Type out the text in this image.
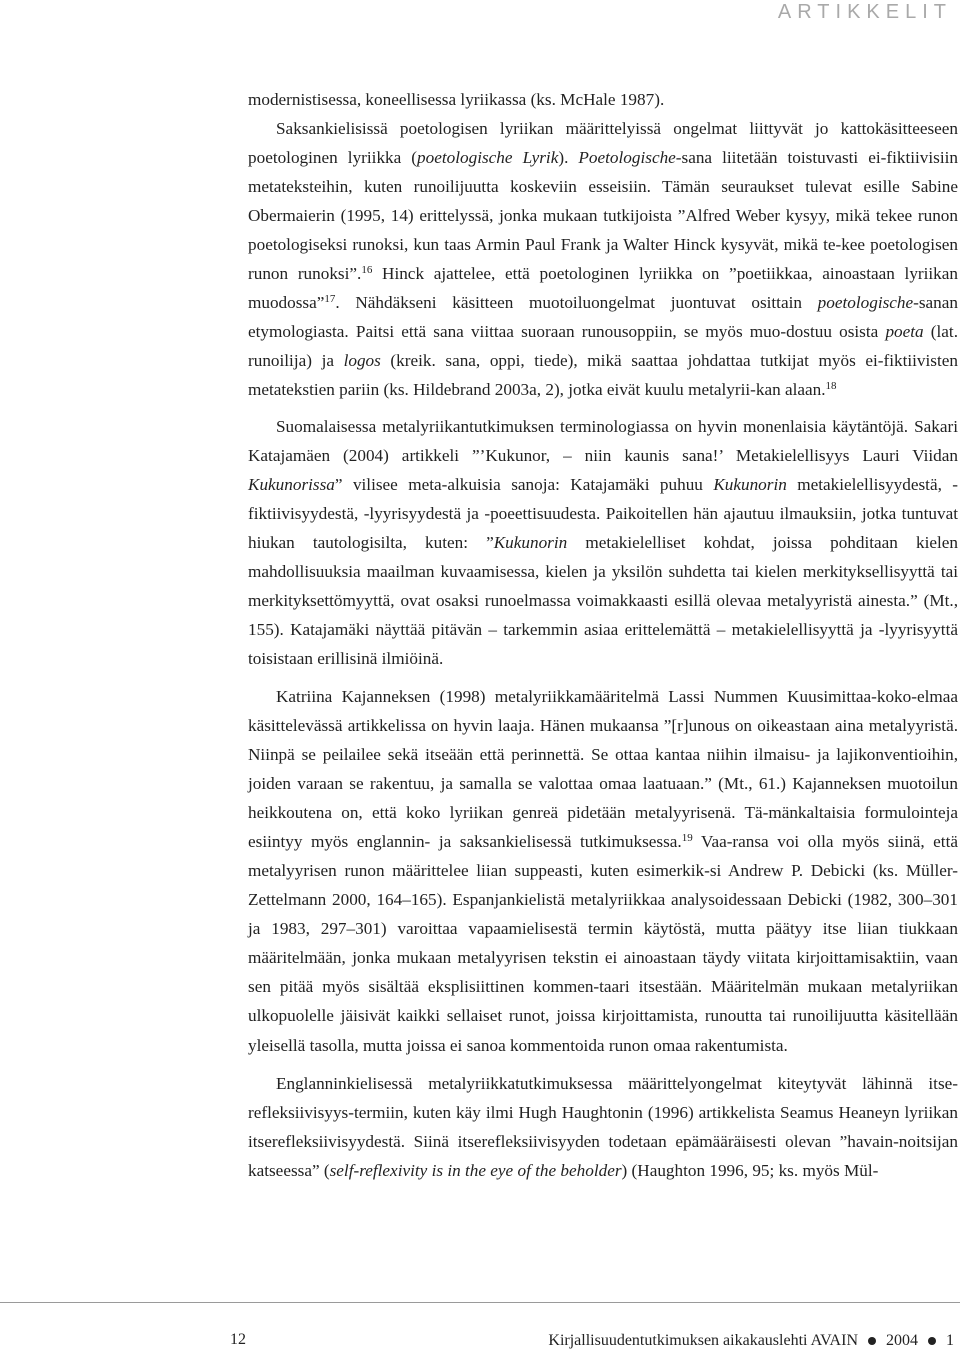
ARTIKKELIT

modernistisessa, koneellisessa lyriikassa (ks. McHale 1987).

Saksankielisissä poetologisen lyriikan määrittelyissä ongelmat liittyvät jo kattokäsitteeseen poetologinen lyriikka (poetologische Lyrik). Poetologische-sana liitetään toistuvasti ei-fiktiivisiin metateksteihin, kuten runoilijuutta koskeviin esseisiin. Tämän seuraukset tulevat esille Sabine Obermaierin (1995, 14) erittelyssä, jonka mukaan tutkijoista ”Alfred Weber kysyy, mikä tekee runon poetologiseksi runoksi, kun taas Armin Paul Frank ja Walter Hinck kysyvät, mikä te-kee poetologisen runon runoksi”.$^{16}$ Hinck ajattelee, että poetologinen lyriikka on ”poetiikkaa, ainoastaan lyriikan muodossa”$^{17}$. Nähdäkseni käsitteen muotoiluongelmat juontuvat osittain poetologische-sanan etymologiasta. Paitsi että sana viittaa suoraan runousoppiin, se myös muo-dostuu osista poeta (lat. runoilija) ja logos (kreik. sana, oppi, tiede), mikä saattaa johdattaa tutkijat myös ei-fiktiivisten metatekstien pariin (ks. Hildebrand 2003a, 2), jotka eivät kuulu metalyrii-kan alaan.$^{18}$

Suomalaisessa metalyriikantutkimuksen terminologiassa on hyvin monenlaisia käytäntöjä. Sakari Katajamäen (2004) artikkeli ”’Kukunor, – niin kaunis sana!’ Metakielellisyys Lauri Viidan Kukunorissa” vilisee meta-alkuisia sanoja: Katajamäki puhuu Kukunorin metakielellisyydestä, -fiktiivisyydestä, -lyyrisyydestä ja -poeettisuudesta. Paikoitellen hän ajautuu ilmauksiin, jotka tuntuvat hiukan tautologisilta, kuten: ”Kukunorin metakielelliset kohdat, joissa pohditaan kielen mahdollisuuksia maailman kuvaamisessa, kielen ja yksilön suhdetta tai kielen merkityksellisyyttä tai merkityksettömyyttä, ovat osaksi runoelmassa voimakkaasti esillä olevaa metalyyristä ainesta.” (Mt., 155). Katajamäki näyttää pitävän – tarkemmin asiaa erittelemättä – metakielellisyyttä ja -lyyrisyyttä toisistaan erillisinä ilmiöinä.

Katriina Kajanneksen (1998) metalyriikkamääritelmä Lassi Nummen Kuusimittaa-koko-elmaa käsittelevässä artikkelissa on hyvin laaja. Hänen mukaansa ”[r]unous on oikeastaan aina metalyyristä. Niinpä se peilailee sekä itseään että perinnettä. Se ottaa kantaa niihin ilmaisu- ja lajikonventioihin, joiden varaan se rakentuu, ja samalla se valottaa omaa laatuaan.” (Mt., 61.) Kajanneksen muotoilun heikkoutena on, että koko lyriikan genreä pidetään metalyyrisenä. Tä-mänkaltaisia formulointeja esiintyy myös englannin- ja saksankielisessä tutkimuksessa.$^{19}$ Vaa-ransa voi olla myös siinä, että metalyyrisen runon määrittelee liian suppeasti, kuten esimerkik-si Andrew P. Debicki (ks. Müller-Zettelmann 2000, 164–165). Espanjankielistä metalyriikkaa analysoidessaan Debicki (1982, 300–301 ja 1983, 297–301) varoittaa vapaamielisestä termin käytöstä, mutta päätyy itse liian tiukkaan määritelmään, jonka mukaan metalyyrisen tekstin ei ainoastaan täydy viitata kirjoittamisaktiin, vaan sen pitää myös sisältää eksplisiittinen kommen-taari itsestään. Määritelmän mukaan metalyriikan ulkopuolelle jäisivät kaikki sellaiset runot, joissa kirjoittamista, runoutta tai runoilijuutta käsitellään yleisellä tasolla, mutta joissa ei sanoa kommentoida runon omaa rakentumista.

Englanninkielisessä metalyriikkatutkimuksessa määrittelyongelmat kiteytyvät lähinnä itse-refleksiivisyys-termiin, kuten käy ilmi Hugh Haughtonin (1996) artikkelista Seamus Heaneyn lyriikan itserefleksiivisyydestä. Siinä itserefleksiivisyyden todetaan epämääräisesti olevan ”havain-noitsijan katseessa” (self-reflexivity is in the eye of the beholder) (Haughton 1996, 95; ks. myös Mül-

12	Kirjallisuudentutkimuksen aikakauslehti AVAIN 2004 1
